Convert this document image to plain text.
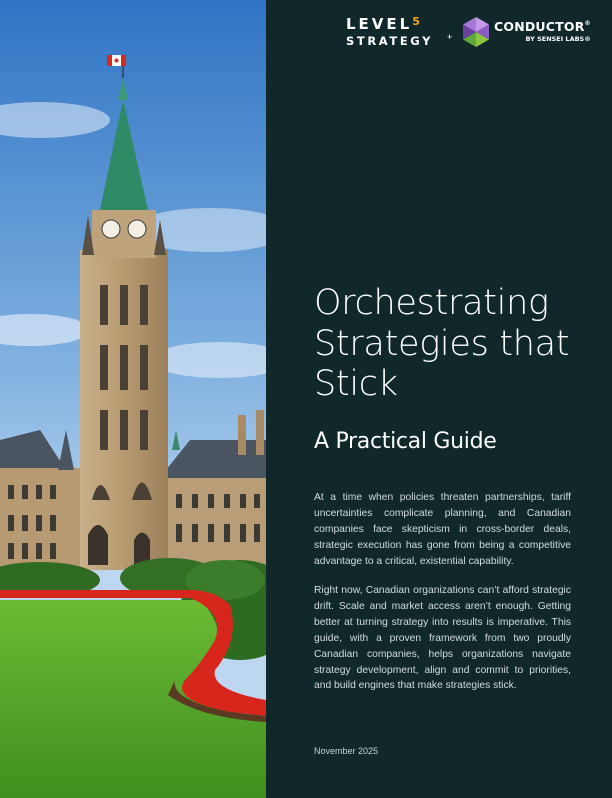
LEVEL$^5$
STRATEGY +
CONDUCTOR®
BY SENSEI LABS®
Orchestrating
Strategies that
Stick
A Practical Guide

At a time when policies threaten partnerships, tariff uncertainties complicate planning, and Canadian companies face skepticism in cross-border deals, strategic execution has gone from being a competitive advantage to a critical, existential capability.

Right now, Canadian organizations can’t afford strategic drift. Scale and market access aren’t enough. Getting better at turning strategy into results is imperative. This guide, with a proven framework from two proudly Canadian companies, helps organizations navigate strategy development, align and commit to priorities, and build engines that make strategies stick.

November 2025
